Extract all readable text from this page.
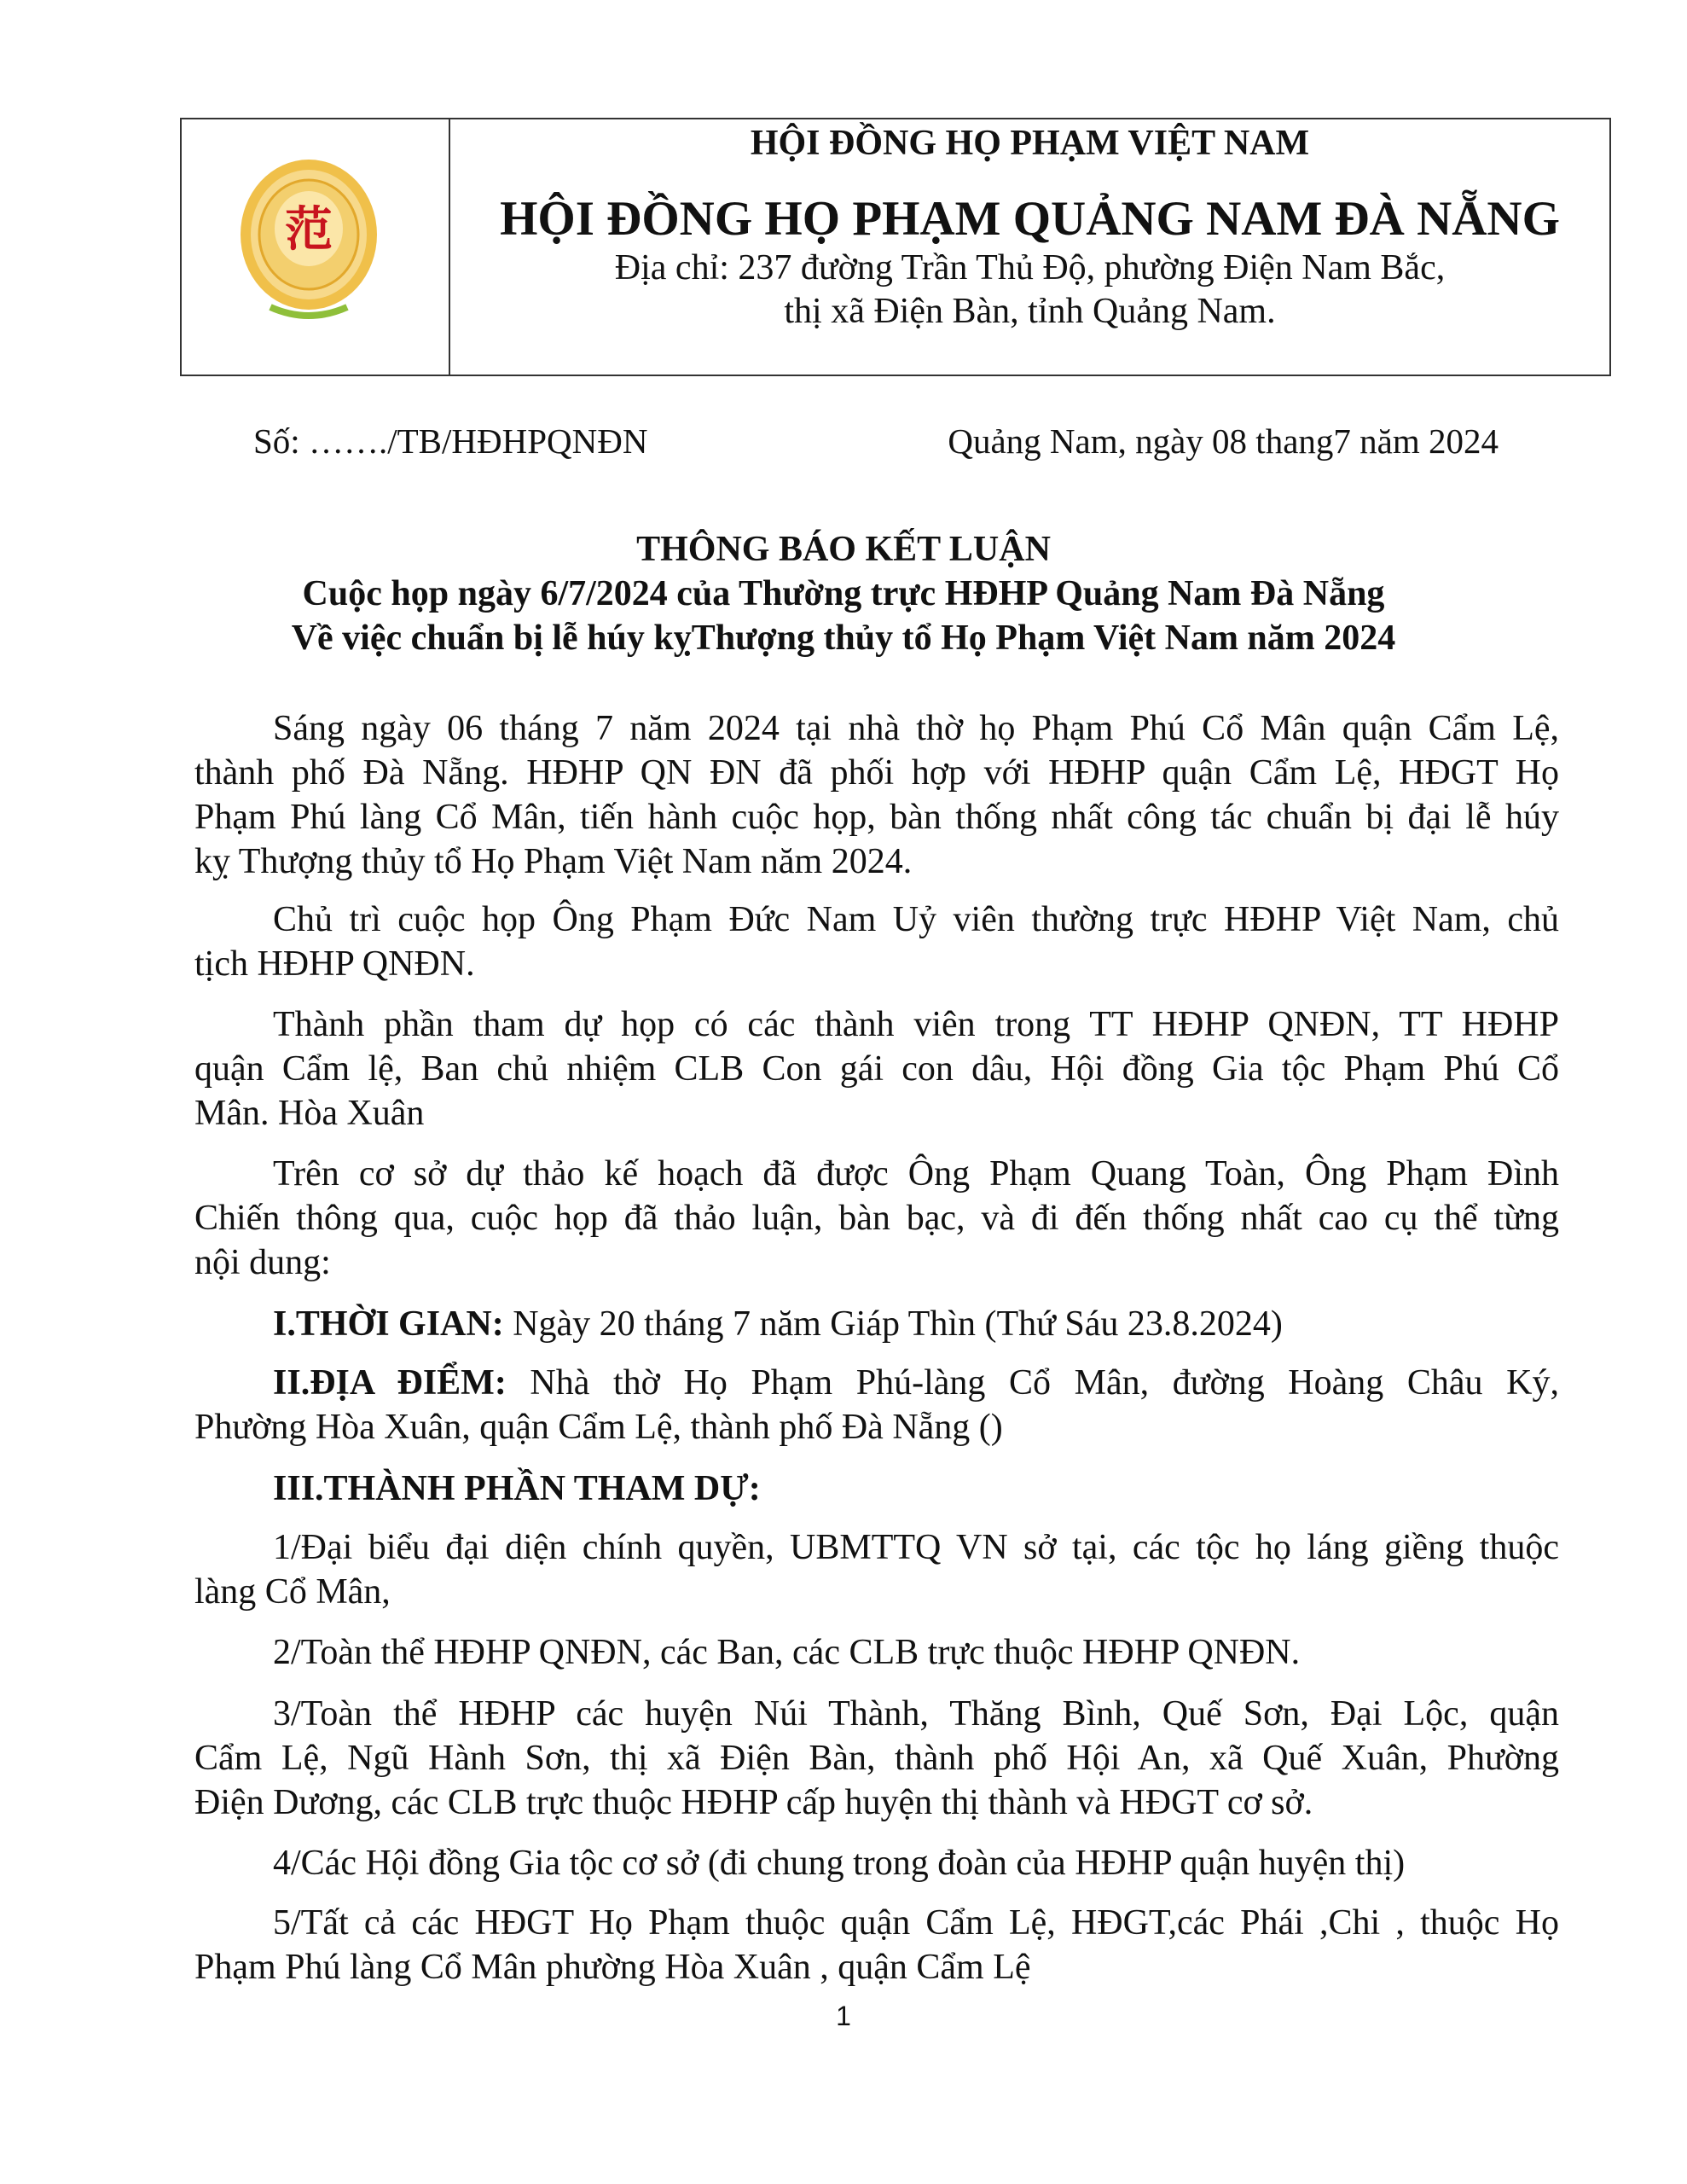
范
HỘI ĐỒNG HỌ PHẠM VIỆT NAM
HỘI ĐỒNG HỌ PHẠM QUẢNG NAM ĐÀ NẴNG
Địa chỉ: 237 đường Trần Thủ Độ, phường Điện Nam Bắc,
thị xã Điện Bàn, tỉnh Quảng Nam.
Số: ……./TB/HĐHPQNĐN	Quảng Nam, ngày 08 thang7 năm 2024
THÔNG BÁO KẾT LUẬN
Cuộc họp ngày 6/7/2024 của Thường trực HĐHP Quảng Nam Đà Nẵng
Về việc chuẩn bị lễ húy kỵThượng thủy tổ Họ Phạm Việt Nam năm 2024
Sáng ngày 06 tháng 7 năm 2024 tại nhà thờ họ Phạm Phú Cổ Mân quận Cẩm Lệ,
thành phố Đà Nẵng. HĐHP QN ĐN đã phối hợp với HĐHP quận Cẩm Lệ, HĐGT Họ
Phạm Phú làng Cổ Mân, tiến hành cuộc họp, bàn thống nhất công tác chuẩn bị đại lễ húy
kỵ Thượng thủy tổ Họ Phạm Việt Nam năm 2024.
Chủ trì cuộc họp Ông Phạm Đức Nam Uỷ viên thường trực HĐHP Việt Nam, chủ
tịch HĐHP QNĐN.
Thành phần tham dự họp có các thành viên trong TT HĐHP QNĐN, TT HĐHP
quận Cẩm lệ, Ban chủ nhiệm CLB Con gái con dâu, Hội đồng Gia tộc Phạm Phú Cổ
Mân. Hòa Xuân
Trên cơ sở dự thảo kế hoạch đã được Ông Phạm Quang Toàn, Ông Phạm Đình
Chiến thông qua, cuộc họp đã thảo luận, bàn bạc, và đi đến thống nhất cao cụ thể từng
nội dung:
I.THỜI GIAN: Ngày 20 tháng 7 năm Giáp Thìn (Thứ Sáu 23.8.2024)
II.ĐỊA ĐIỂM: Nhà thờ Họ Phạm Phú-làng Cổ Mân, đường Hoàng Châu Ký,
Phường Hòa Xuân, quận Cẩm Lệ, thành phố Đà Nẵng ()
III.THÀNH PHẦN THAM DỰ:
1/Đại biểu đại diện chính quyền, UBMTTQ VN sở tại, các tộc họ láng giềng thuộc
làng Cổ Mân,
2/Toàn thể HĐHP QNĐN, các Ban, các CLB trực thuộc HĐHP QNĐN.
3/Toàn thể HĐHP các huyện Núi Thành, Thăng Bình, Quế Sơn, Đại Lộc, quận
Cẩm Lệ, Ngũ Hành Sơn, thị xã Điện Bàn, thành phố Hội An, xã Quế Xuân, Phường
Điện Dương, các CLB trực thuộc HĐHP cấp huyện thị thành và HĐGT cơ sở.
4/Các Hội đồng Gia tộc cơ sở (đi chung trong đoàn của HĐHP quận huyện thị)
5/Tất cả các HĐGT Họ Phạm thuộc quận Cẩm Lệ, HĐGT,các Phái ,Chi , thuộc Họ
Phạm Phú làng Cổ Mân phường Hòa Xuân , quận Cẩm Lệ
1
